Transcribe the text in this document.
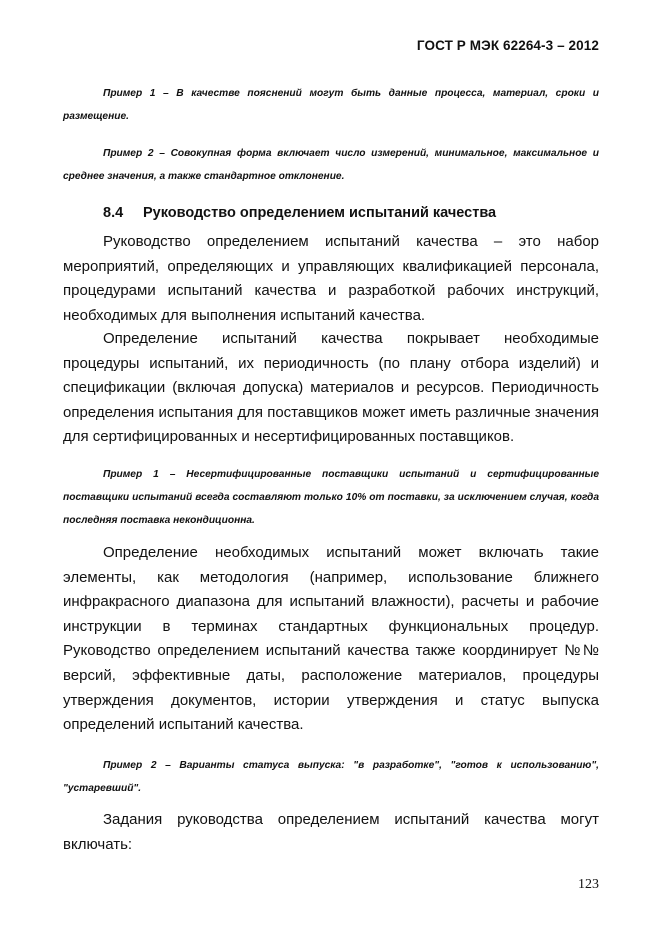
ГОСТ Р МЭК 62264-3 – 2012
Пример 1 – В качестве пояснений могут быть данные процесса, материал, сроки и размещение.
Пример 2 – Совокупная форма включает число измерений, минимальное, максимальное и среднее значения, а также стандартное отклонение.
8.4 Руководство определением испытаний качества
Руководство определением испытаний качества – это набор мероприятий, определяющих и управляющих квалификацией персонала, процедурами испытаний качества и разработкой рабочих инструкций, необходимых для выполнения испытаний качества.
Определение испытаний качества покрывает необходимые процедуры испытаний, их периодичность (по плану отбора изделий) и спецификации (включая допуска) материалов и ресурсов. Периодичность определения испытания для поставщиков может иметь различные значения для сертифицированных и несертифицированных поставщиков.
Пример 1 – Несертифицированные поставщики испытаний и сертифицированные поставщики испытаний всегда составляют только 10% от поставки, за исключением случая, когда последняя поставка некондиционна.
Определение необходимых испытаний может включать такие элементы, как методология (например, использование ближнего инфракрасного диапазона для испытаний влажности), расчеты и рабочие инструкции в терминах стандартных функциональных процедур. Руководство определением испытаний качества также координирует №№ версий, эффективные даты, расположение материалов, процедуры утверждения документов, истории утверждения и статус выпуска определений испытаний качества.
Пример 2 – Варианты статуса выпуска: "в разработке", "готов к использованию", "устаревший".
Задания руководства определением испытаний качества могут включать:
123
